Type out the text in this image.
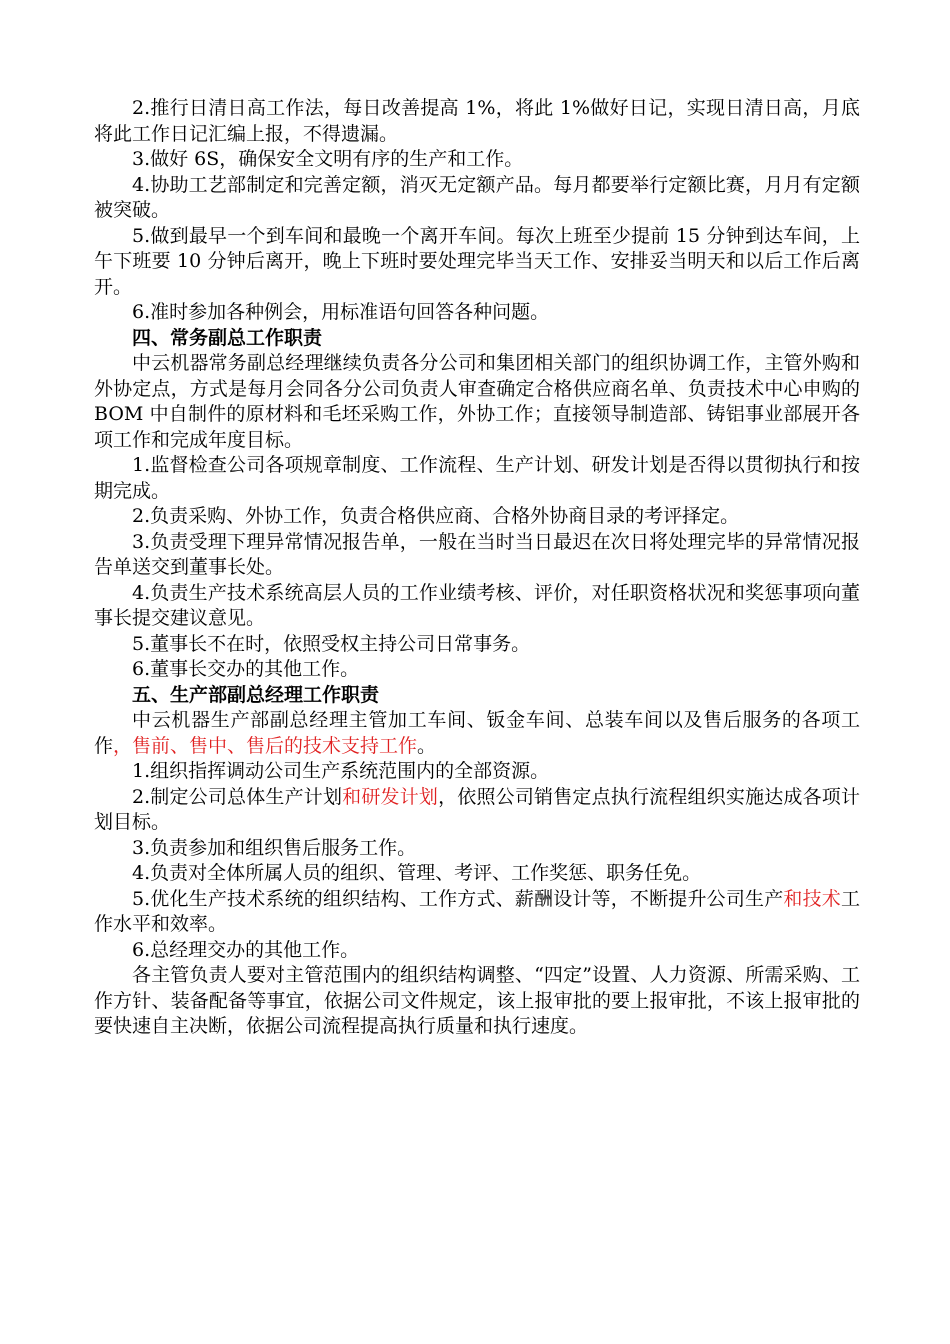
2.推行日清日高工作法，每日改善提高 1%，将此 1%做好日记，实现日清日高，月底将此工作日记汇编上报，不得遗漏。

3.做好 6S，确保安全文明有序的生产和工作。

4.协助工艺部制定和完善定额，消灭无定额产品。每月都要举行定额比赛，月月有定额被突破。

5.做到最早一个到车间和最晚一个离开车间。每次上班至少提前 15 分钟到达车间，上午下班要 10 分钟后离开，晚上下班时要处理完毕当天工作、安排妥当明天和以后工作后离开。

6.准时参加各种例会，用标准语句回答各种问题。

四、常务副总工作职责

中云机器常务副总经理继续负责各分公司和集团相关部门的组织协调工作，主管外购和外协定点，方式是每月会同各分公司负责人审查确定合格供应商名单、负责技术中心申购的 BOM 中自制件的原材料和毛坯采购工作，外协工作；直接领导制造部、铸铝事业部展开各项工作和完成年度目标。

1.监督检查公司各项规章制度、工作流程、生产计划、研发计划是否得以贯彻执行和按期完成。

2.负责采购、外协工作，负责合格供应商、合格外协商目录的考评择定。

3.负责受理下理异常情况报告单，一般在当时当日最迟在次日将处理完毕的异常情况报告单送交到董事长处。

4.负责生产技术系统高层人员的工作业绩考核、评价，对任职资格状况和奖惩事项向董事长提交建议意见。

5.董事长不在时，依照受权主持公司日常事务。

6.董事长交办的其他工作。

五、生产部副总经理工作职责

中云机器生产部副总经理主管加工车间、钣金车间、总装车间以及售后服务的各项工作，售前、售中、售后的技术支持工作。

1.组织指挥调动公司生产系统范围内的全部资源。

2.制定公司总体生产计划和研发计划，依照公司销售定点执行流程组织实施达成各项计划目标。

3.负责参加和组织售后服务工作。

4.负责对全体所属人员的组织、管理、考评、工作奖惩、职务任免。

5.优化生产技术系统的组织结构、工作方式、薪酬设计等，不断提升公司生产和技术工作水平和效率。

6.总经理交办的其他工作。

各主管负责人要对主管范围内的组织结构调整、“四定”设置、人力资源、所需采购、工作方针、装备配备等事宜，依据公司文件规定，该上报审批的要上报审批，不该上报审批的要快速自主决断，依据公司流程提高执行质量和执行速度。
